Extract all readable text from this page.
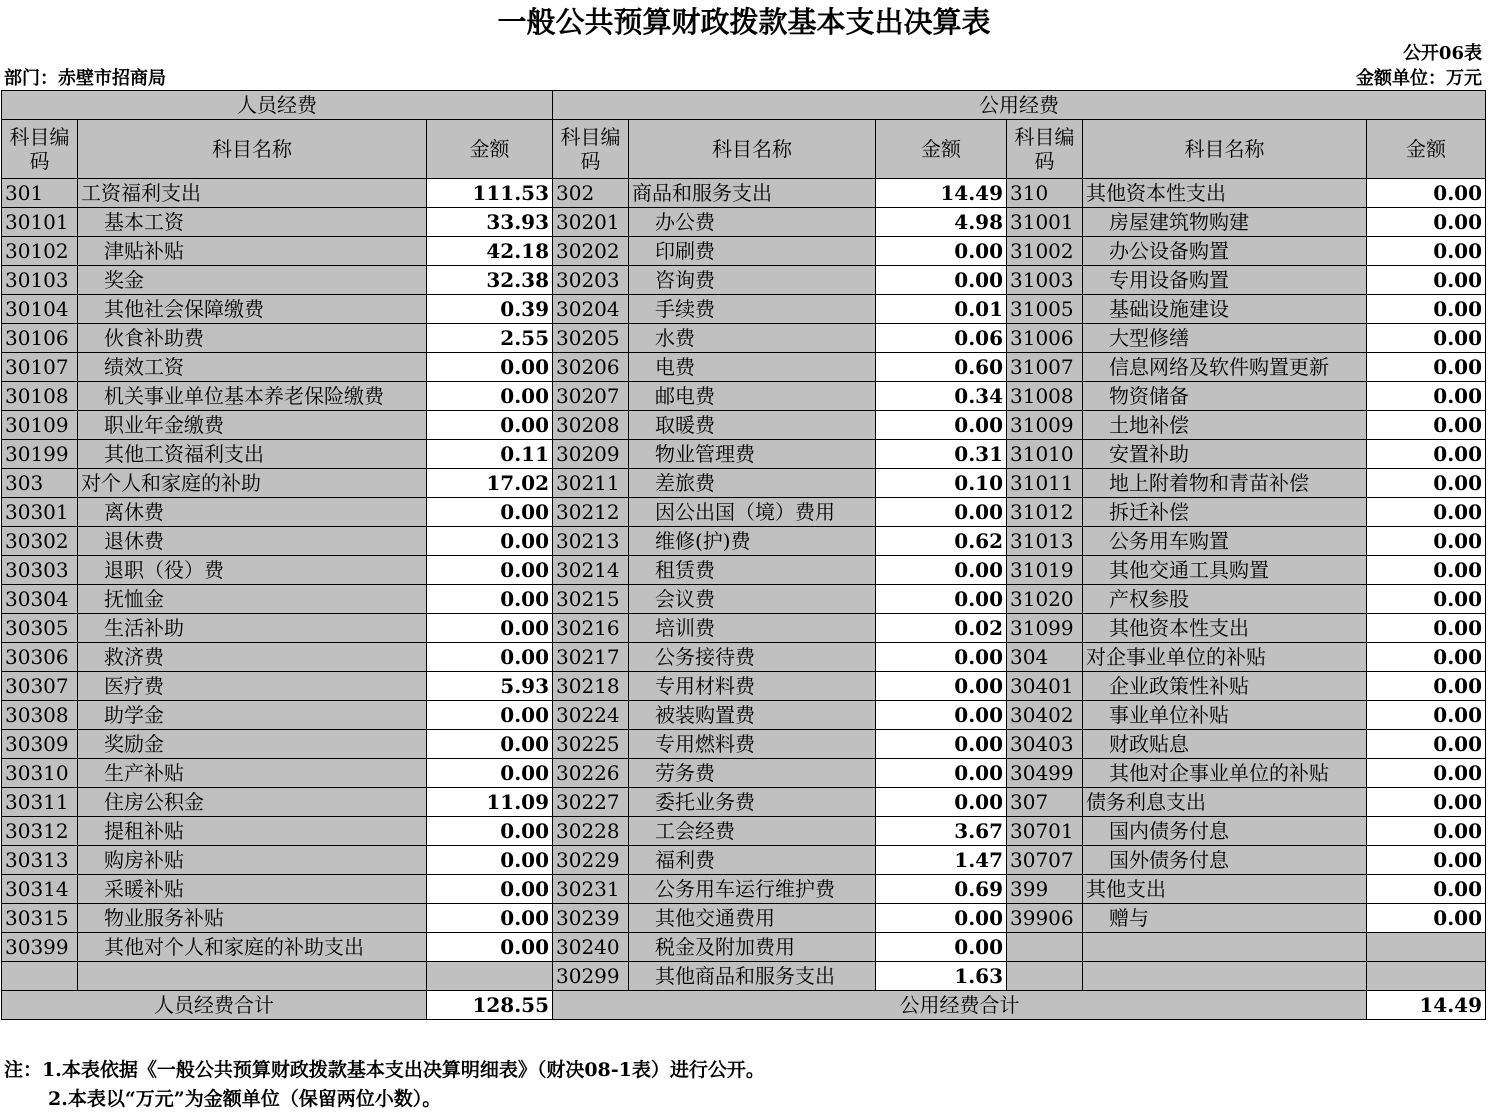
一般公共预算财政拨款基本支出决算表
公开06表
部门：赤壁市招商局	金额单位：万元
人员经费			公用经费					
科目编码	科目名称	金额	科目编码	科目名称	金额	科目编码	科目名称	金额
301	工资福利支出	111.53	302	商品和服务支出	14.49	310	其他资本性支出	0.00
30101	基本工资	33.93	30201	办公费	4.98	31001	房屋建筑物购建	0.00
30102	津贴补贴	42.18	30202	印刷费	0.00	31002	办公设备购置	0.00
30103	奖金	32.38	30203	咨询费	0.00	31003	专用设备购置	0.00
30104	其他社会保障缴费	0.39	30204	手续费	0.01	31005	基础设施建设	0.00
30106	伙食补助费	2.55	30205	水费	0.06	31006	大型修缮	0.00
30107	绩效工资	0.00	30206	电费	0.60	31007	信息网络及软件购置更新	0.00
30108	机关事业单位基本养老保险缴费	0.00	30207	邮电费	0.34	31008	物资储备	0.00
30109	职业年金缴费	0.00	30208	取暖费	0.00	31009	土地补偿	0.00
30199	其他工资福利支出	0.11	30209	物业管理费	0.31	31010	安置补助	0.00
303	对个人和家庭的补助	17.02	30211	差旅费	0.10	31011	地上附着物和青苗补偿	0.00
30301	离休费	0.00	30212	因公出国（境）费用	0.00	31012	拆迁补偿	0.00
30302	退休费	0.00	30213	维修(护)费	0.62	31013	公务用车购置	0.00
30303	退职（役）费	0.00	30214	租赁费	0.00	31019	其他交通工具购置	0.00
30304	抚恤金	0.00	30215	会议费	0.00	31020	产权参股	0.00
30305	生活补助	0.00	30216	培训费	0.02	31099	其他资本性支出	0.00
30306	救济费	0.00	30217	公务接待费	0.00	304	对企事业单位的补贴	0.00
30307	医疗费	5.93	30218	专用材料费	0.00	30401	企业政策性补贴	0.00
30308	助学金	0.00	30224	被装购置费	0.00	30402	事业单位补贴	0.00
30309	奖励金	0.00	30225	专用燃料费	0.00	30403	财政贴息	0.00
30310	生产补贴	0.00	30226	劳务费	0.00	30499	其他对企事业单位的补贴	0.00
30311	住房公积金	11.09	30227	委托业务费	0.00	307	债务利息支出	0.00
30312	提租补贴	0.00	30228	工会经费	3.67	30701	国内债务付息	0.00
30313	购房补贴	0.00	30229	福利费	1.47	30707	国外债务付息	0.00
30314	采暖补贴	0.00	30231	公务用车运行维护费	0.69	399	其他支出	0.00
30315	物业服务补贴	0.00	30239	其他交通费用	0.00	39906	赠与	0.00
30399	其他对个人和家庭的补助支出	0.00	30240	税金及附加费用	0.00			
			30299	其他商品和服务支出	1.63			
人员经费合计		128.55	公用经费合计					14.49
注：1.本表依据《一般公共预算财政拨款基本支出决算明细表》（财决08-1表）进行公开。
2.本表以“万元”为金额单位（保留两位小数）。
